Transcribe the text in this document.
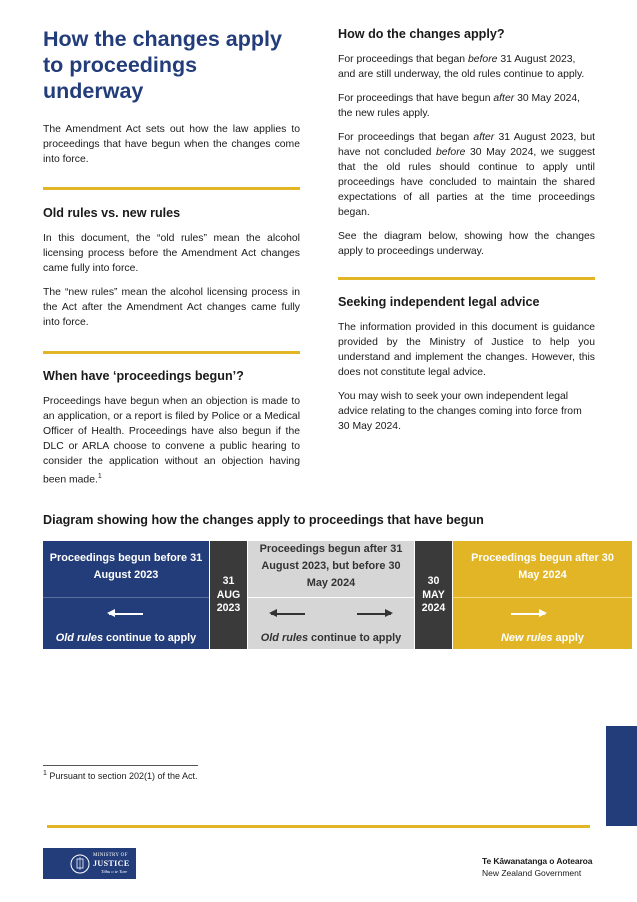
How the changes apply to proceedings underway

The Amendment Act sets out how the law applies to proceedings that have begun when the changes come into force.

Old rules vs. new rules

In this document, the “old rules” mean the alcohol licensing process before the Amendment Act changes came fully into force.

The “new rules” mean the alcohol licensing process in the Act after the Amendment Act changes came fully into force.

When have ‘proceedings begun’?

Proceedings have begun when an objection is made to an application, or a report is filed by Police or a Medical Officer of Health. Proceedings have also begun if the DLC or ARLA choose to convene a public hearing to consider the application without an objection having been made.$^1$

How do the changes apply?

For proceedings that began before 31 August 2023, and are still underway, the old rules continue to apply.

For proceedings that have begun after 30 May 2024, the new rules apply.

For proceedings that began after 31 August 2023, but have not concluded before 30 May 2024, we suggest that the old rules should continue to apply until proceedings have concluded to maintain the shared expectations of all parties at the time proceedings began.

See the diagram below, showing how the changes apply to proceedings underway.

Seeking independent legal advice

The information provided in this document is guidance provided by the Ministry of Justice to help you understand and implement the changes. However, this does not constitute legal advice.

You may wish to seek your own independent legal advice relating to the changes coming into force from 30 May 2024.

Diagram showing how the changes apply to proceedings that have begun
Proceedings begun before 31 August 2023
Old rules continue to apply
31 AUG 2023
Proceedings begun after 31 August 2023, but before 30 May 2024
Old rules continue to apply
30 MAY 2024
Proceedings begun after 30 May 2024
New rules apply
$^1$ Pursuant to section 202(1) of the Act.
MINISTRY OF
JUSTICE
Tāhu o te Ture
Te Kāwanatanga o Aotearoa
New Zealand Government
